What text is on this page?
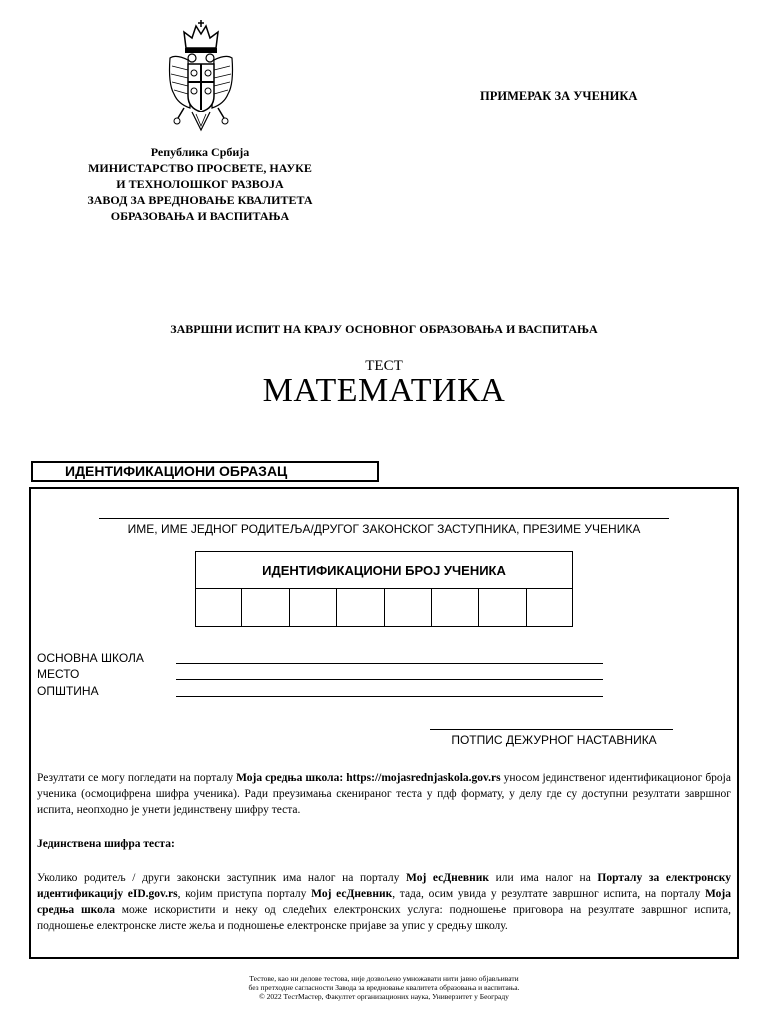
ПРИМЕРАК ЗА УЧЕНИКА
Република Србија
МИНИСТАРСТВО ПРОСВЕТЕ, НАУКЕ
И ТЕХНОЛОШКОГ РАЗВОЈА
ЗАВОД ЗА ВРЕДНОВАЊЕ КВАЛИТЕТА
ОБРАЗОВАЊА И ВАСПИТАЊА
ЗАВРШНИ ИСПИТ НА КРАЈУ ОСНОВНОГ ОБРАЗОВАЊА И ВАСПИТАЊА
ТЕСТ
МАТЕМАТИКА
ИДЕНТИФИКАЦИОНИ ОБРАЗАЦ
ИМЕ, ИМЕ ЈЕДНОГ РОДИТЕЉА/ДРУГОГ ЗАКОНСКОГ ЗАСТУПНИКА, ПРЕЗИМЕ УЧЕНИКА
ИДЕНТИФИКАЦИОНИ БРОЈ УЧЕНИКА
ОСНОВНА ШКОЛА
МЕСТО
ОПШТИНА
ПОТПИС ДЕЖУРНОГ НАСТАВНИКА
Резултати се могу погледати на порталу Моја средња школа: https://mojasrednjaskola.gov.rs уносом јединственог идентификационог броја ученика (осмоцифрена шифра ученика). Ради преузимања скенираног теста у пдф формату, у делу где су доступни резултати завршног испита, неопходно је унети јединствену шифру теста.
Јединствена шифра теста:
Уколико родитељ / други законски заступник има налог на порталу Мој есДневник или има налог на Порталу за електронску идентификацију eID.gov.rs, којим приступа порталу Мој есДневник, тада, осим увида у резултате завршног испита, на порталу Моја средња школа може искористити и неку од следећих електронских услуга: подношење приговора на резултате завршног испита, подношење електронске листе жеља и подношење електронске пријаве за упис у средњу школу.
Тестове, као ни делове тестова, није дозвољено умножавати нити јавно објављивати
без претходне сагласности Завода за вредновање квалитета образовања и васпитања.
© 2022 ТестМастер, Факултет организационих наука, Универзитет у Београду
